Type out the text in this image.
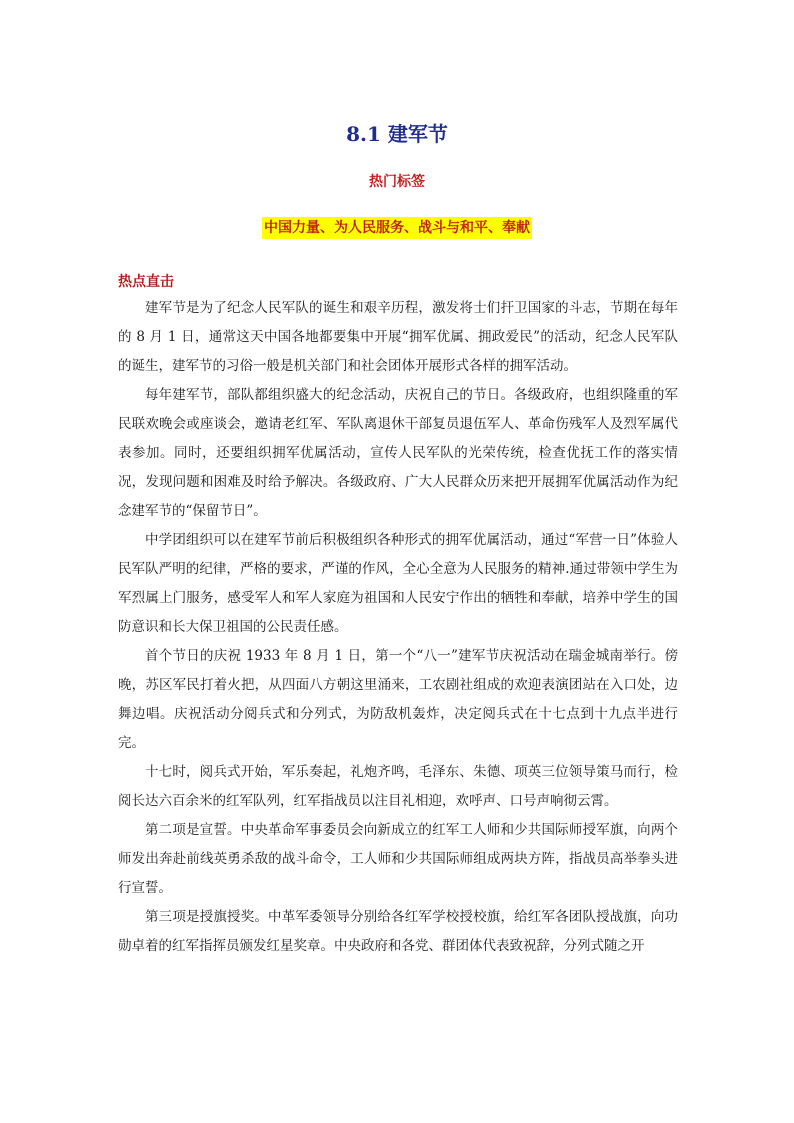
8.1 建军节
热门标签
中国力量、为人民服务、战斗与和平、奉献
热点直击

建军节是为了纪念人民军队的诞生和艰辛历程，激发将士们扞卫国家的斗志，节期在每年的 8 月 1 日，通常这天中国各地都要集中开展“拥军优属、拥政爱民”的活动，纪念人民军队的诞生，建军节的习俗一般是机关部门和社会团体开展形式各样的拥军活动。

每年建军节，部队都组织盛大的纪念活动，庆祝自己的节日。各级政府，也组织隆重的军民联欢晚会或座谈会，邀请老红军、军队离退休干部复员退伍军人、革命伤残军人及烈军属代表参加。同时，还要组织拥军优属活动，宣传人民军队的光荣传统，检查优抚工作的落实情况，发现问题和困难及时给予解决。各级政府、广大人民群众历来把开展拥军优属活动作为纪念建军节的“保留节日”。

中学团组织可以在建军节前后积极组织各种形式的拥军优属活动，通过“军营一日”体验人民军队严明的纪律，严格的要求，严谨的作风，全心全意为人民服务的精神.通过带领中学生为军烈属上门服务，感受军人和军人家庭为祖国和人民安宁作出的牺牲和奉献，培养中学生的国防意识和长大保卫祖国的公民责任感。

首个节日的庆祝 1933 年 8 月 1 日，第一个“八一”建军节庆祝活动在瑞金城南举行。傍晚，苏区军民打着火把，从四面八方朝这里涌来，工农剧社组成的欢迎表演团站在入口处，边舞边唱。庆祝活动分阅兵式和分列式，为防敌机轰炸，决定阅兵式在十七点到十九点半进行完。

十七时，阅兵式开始，军乐奏起，礼炮齐鸣，毛泽东、朱德、项英三位领导策马而行，检阅长达六百余米的红军队列，红军指战员以注目礼相迎，欢呼声、口号声响彻云霄。

第二项是宣誓。中央革命军事委员会向新成立的红军工人师和少共国际师授军旗，向两个师发出奔赴前线英勇杀敌的战斗命令，工人师和少共国际师组成两块方阵，指战员高举拳头进行宣誓。

第三项是授旗授奖。中革军委领导分别给各红军学校授校旗，给红军各团队授战旗，向功勋卓着的红军指挥员颁发红星奖章。中央政府和各党、群团体代表致祝辞，分列式随之开
